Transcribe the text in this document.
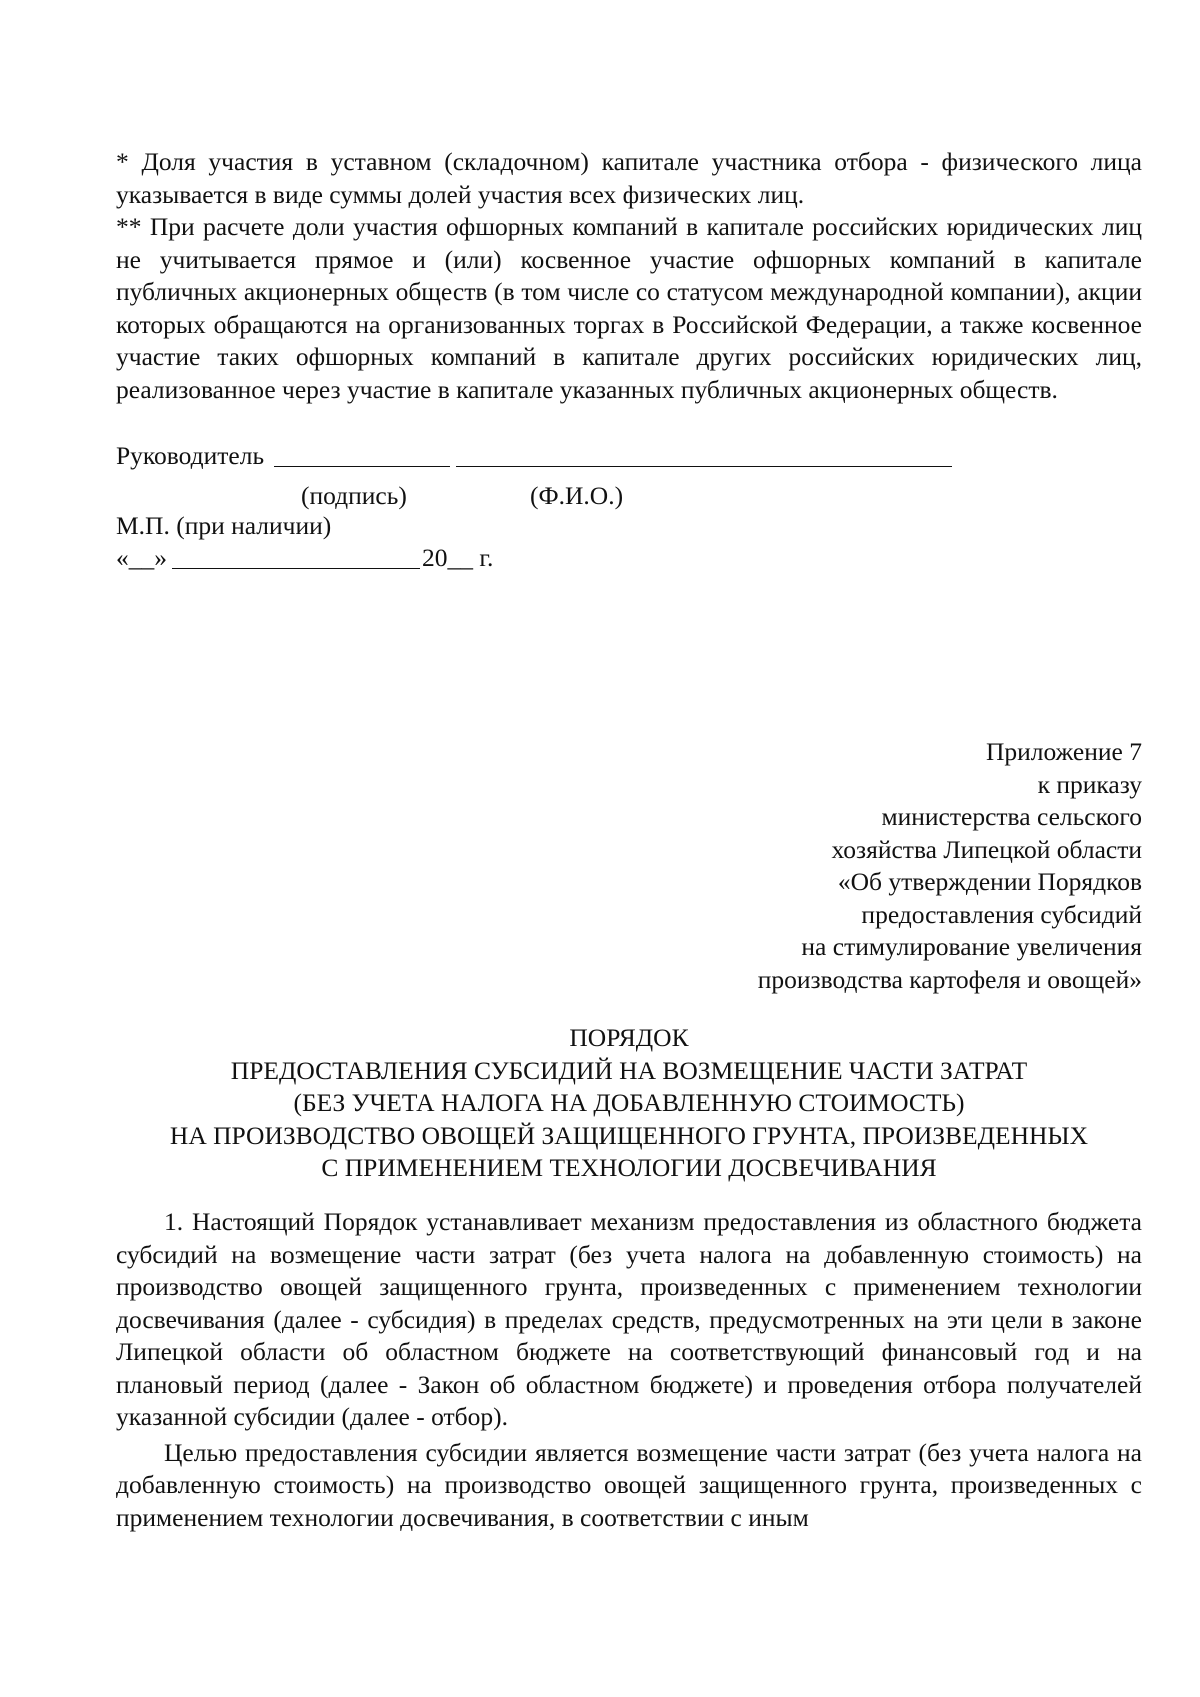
* Доля участия в уставном (складочном) капитале участника отбора - физического лица указывается в виде суммы долей участия всех физических лиц.

** При расчете доли участия офшорных компаний в капитале российских юридических лиц не учитывается прямое и (или) косвенное участие офшорных компаний в капитале публичных акционерных обществ (в том числе со статусом международной компании), акции которых обращаются на организованных торгах в Российской Федерации, а также косвенное участие таких офшорных компаний в капитале других российских юридических лиц, реализованное через участие в капитале указанных публичных акционерных обществ.

Руководитель
(подпись)	(Ф.И.О.)
М.П. (при наличии)
«__»	20__ г.
Приложение 7
к приказу
министерства сельского
хозяйства Липецкой области
«Об утверждении Порядков
предоставления субсидий
на стимулирование увеличения
производства картофеля и овощей»
ПОРЯДОК
ПРЕДОСТАВЛЕНИЯ СУБСИДИЙ НА ВОЗМЕЩЕНИЕ ЧАСТИ ЗАТРАТ
(БЕЗ УЧЕТА НАЛОГА НА ДОБАВЛЕННУЮ СТОИМОСТЬ)
НА ПРОИЗВОДСТВО ОВОЩЕЙ ЗАЩИЩЕННОГО ГРУНТА, ПРОИЗВЕДЕННЫХ
С ПРИМЕНЕНИЕМ ТЕХНОЛОГИИ ДОСВЕЧИВАНИЯ

1. Настоящий Порядок устанавливает механизм предоставления из областного бюджета субсидий на возмещение части затрат (без учета налога на добавленную стоимость) на производство овощей защищенного грунта, произведенных с применением технологии досвечивания (далее - субсидия) в пределах средств, предусмотренных на эти цели в законе Липецкой области об областном бюджете на соответствующий финансовый год и на плановый период (далее - Закон об областном бюджете) и проведения отбора получателей указанной субсидии (далее - отбор).

Целью предоставления субсидии является возмещение части затрат (без учета налога на добавленную стоимость) на производство овощей защищенного грунта, произведенных с применением технологии досвечивания, в соответствии с иным
